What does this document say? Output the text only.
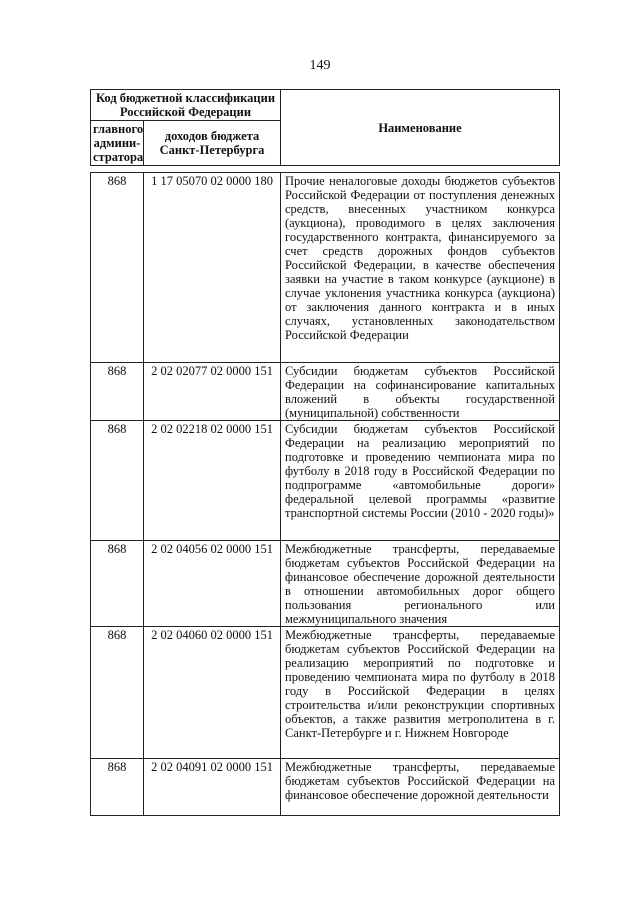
149
Код бюджетной классификации Российской Федерации		Наименование
главного админи-стратора	доходов бюджета Санкт-Петербурга	
868	1 17 05070 02 0000 180	Прочие неналоговые доходы бюджетов субъектов Российской Федерации от поступления денежных средств, внесенных участником конкурса (аукциона), проводимого в целях заключения государственного контракта, финансируемого за счет средств дорожных фондов субъектов Российской Федерации, в качестве обеспечения заявки на участие в таком конкурсе (аукционе) в случае уклонения участника конкурса (аукциона) от заключения данного контракта и в иных случаях, установленных законодательством Российской Федерации

868	2 02 02077 02 0000 151	Субсидии бюджетам субъектов Российской Федерации на софинансирование капитальных вложений в объекты государственной (муниципальной) собственности

868	2 02 02218 02 0000 151	Субсидии бюджетам субъектов Российской Федерации на реализацию мероприятий по подготовке и проведению чемпионата мира по футболу в 2018 году в Российской Федерации по подпрограмме «автомобильные дороги» федеральной целевой программы «развитие транспортной системы России (2010 - 2020 годы)»

868	2 02 04056 02 0000 151	Межбюджетные трансферты, передаваемые бюджетам субъектов Российской Федерации на финансовое обеспечение дорожной деятельности в отношении автомобильных дорог общего пользования регионального или межмуниципального значения

868	2 02 04060 02 0000 151	Межбюджетные трансферты, передаваемые бюджетам субъектов Российской Федерации на реализацию мероприятий по подготовке и проведению чемпионата мира по футболу в 2018 году в Российской Федерации в целях строительства и/или реконструкции спортивных объектов, а также развития метрополитена в г. Санкт-Петербурге и г. Нижнем Новгороде

868	2 02 04091 02 0000 151	Межбюджетные трансферты, передаваемые бюджетам субъектов Российской Федерации на финансовое обеспечение дорожной деятельности
